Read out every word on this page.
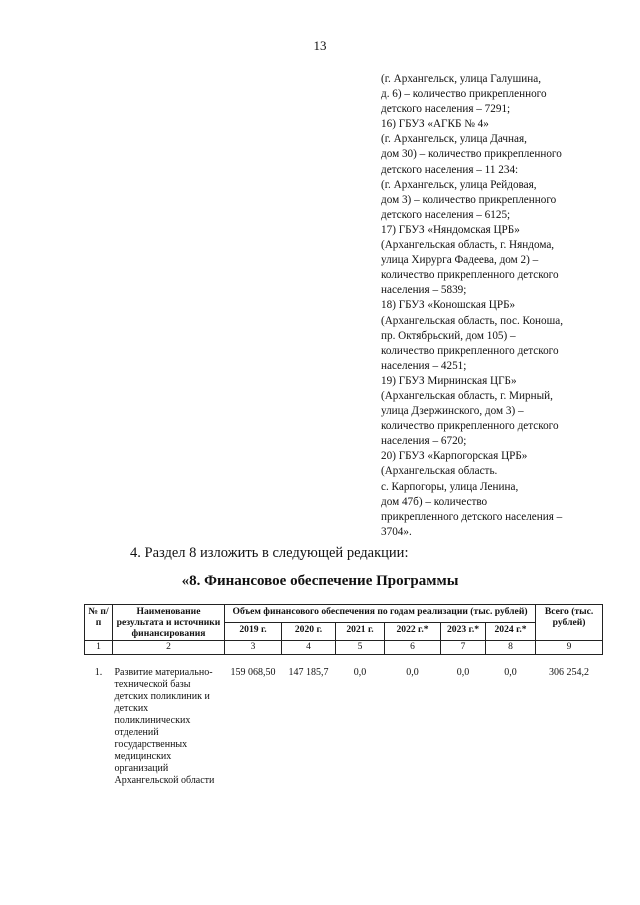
13
(г. Архангельск, улица Галушина,
д. 6) – количество прикрепленного
детского населения – 7291;
16) ГБУЗ «АГКБ № 4»
(г. Архангельск, улица Дачная,
дом 30) – количество прикрепленного
детского населения – 11 234:
(г. Архангельск, улица Рейдовая,
дом 3) – количество прикрепленного
детского населения – 6125;
17) ГБУЗ «Няндомская ЦРБ»
(Архангельская область, г. Няндома,
улица Хирурга Фадеева, дом 2) –
количество прикрепленного детского
населения – 5839;
18) ГБУЗ «Коношская ЦРБ»
(Архангельская область, пос. Коноша,
пр. Октябрьский, дом 105) –
количество прикрепленного детского
населения – 4251;
19) ГБУЗ Мирнинская ЦГБ»
(Архангельская область, г. Мирный,
улица Дзержинского, дом 3) –
количество прикрепленного детского
населения – 6720;
20) ГБУЗ «Карпогорская ЦРБ»
(Архангельская область.
с. Карпогоры, улица Ленина,
дом 47б) – количество
прикрепленного детского населения –
3704».
4. Раздел 8 изложить в следующей редакции:
«8. Финансовое обеспечение Программы
№ п/п	Наименование результата и источники финансирования	Объем финансового обеспечения по годам реализации (тыс. рублей)						Всего (тыс. рублей)
		2019 г.	2020 г.	2021 г.	2022 г.*	2023 г.*	2024 г.*	
1	2	3	4	5	6	7	8	9
1.	Развитие материально-технической базы детских поликлиник и детских поликлинических отделений государственных медицинских организаций Архангельской области	159 068,50	147 185,7	0,0	0,0	0,0	0,0	306 254,2
